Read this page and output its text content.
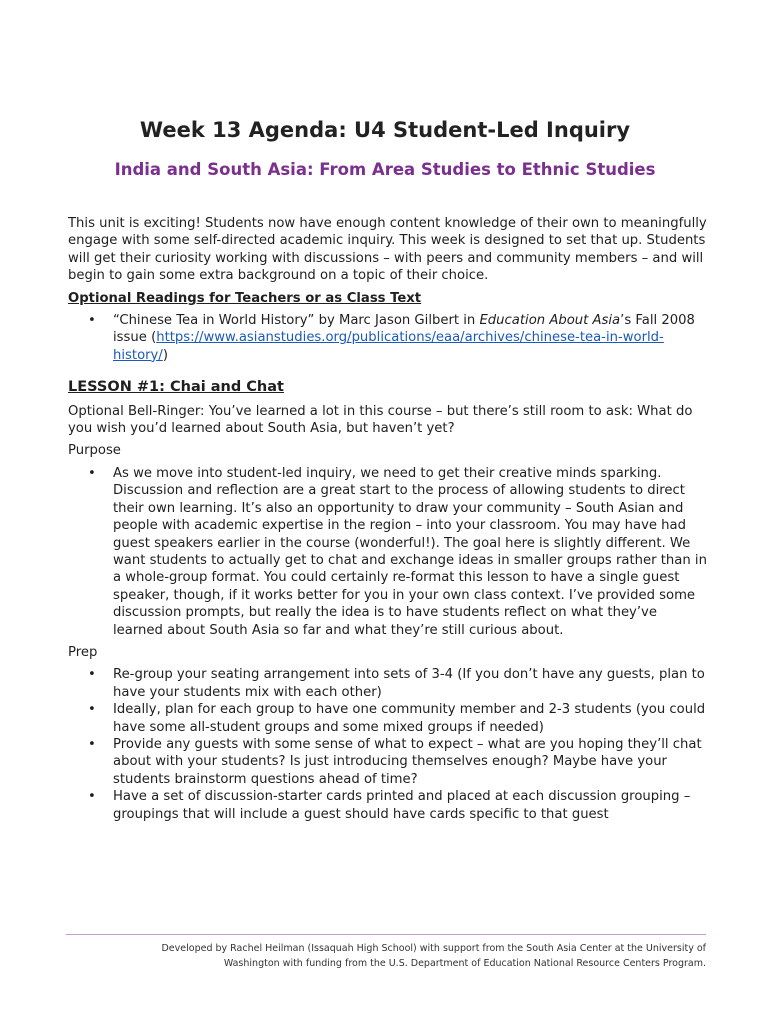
Week 13 Agenda: U4 Student-Led Inquiry
India and South Asia: From Area Studies to Ethnic Studies

This unit is exciting! Students now have enough content knowledge of their own to meaningfully engage with some self-directed academic inquiry. This week is designed to set that up. Students will get their curiosity working with discussions – with peers and community members – and will begin to gain some extra background on a topic of their choice.

Optional Readings for Teachers or as Class Text

• “Chinese Tea in World History” by Marc Jason Gilbert in Education About Asia’s Fall 2008 issue (https://www.asianstudies.org/publications/eaa/archives/chinese-tea-in-world-history/)

LESSON #1: Chai and Chat

Optional Bell-Ringer: You’ve learned a lot in this course – but there’s still room to ask: What do you wish you’d learned about South Asia, but haven’t yet?

Purpose

• As we move into student-led inquiry, we need to get their creative minds sparking. Discussion and reflection are a great start to the process of allowing students to direct their own learning. It’s also an opportunity to draw your community – South Asian and people with academic expertise in the region – into your classroom. You may have had guest speakers earlier in the course (wonderful!). The goal here is slightly different. We want students to actually get to chat and exchange ideas in smaller groups rather than in a whole-group format. You could certainly re-format this lesson to have a single guest speaker, though, if it works better for you in your own class context. I’ve provided some discussion prompts, but really the idea is to have students reflect on what they’ve learned about South Asia so far and what they’re still curious about.

Prep

• Re-group your seating arrangement into sets of 3-4 (If you don’t have any guests, plan to have your students mix with each other)
• Ideally, plan for each group to have one community member and 2-3 students (you could have some all-student groups and some mixed groups if needed)
• Provide any guests with some sense of what to expect – what are you hoping they’ll chat about with your students? Is just introducing themselves enough? Maybe have your students brainstorm questions ahead of time?
• Have a set of discussion-starter cards printed and placed at each discussion grouping – groupings that will include a guest should have cards specific to that guest
Developed by Rachel Heilman (Issaquah High School) with support from the South Asia Center at the University of
Washington with funding from the U.S. Department of Education National Resource Centers Program.
